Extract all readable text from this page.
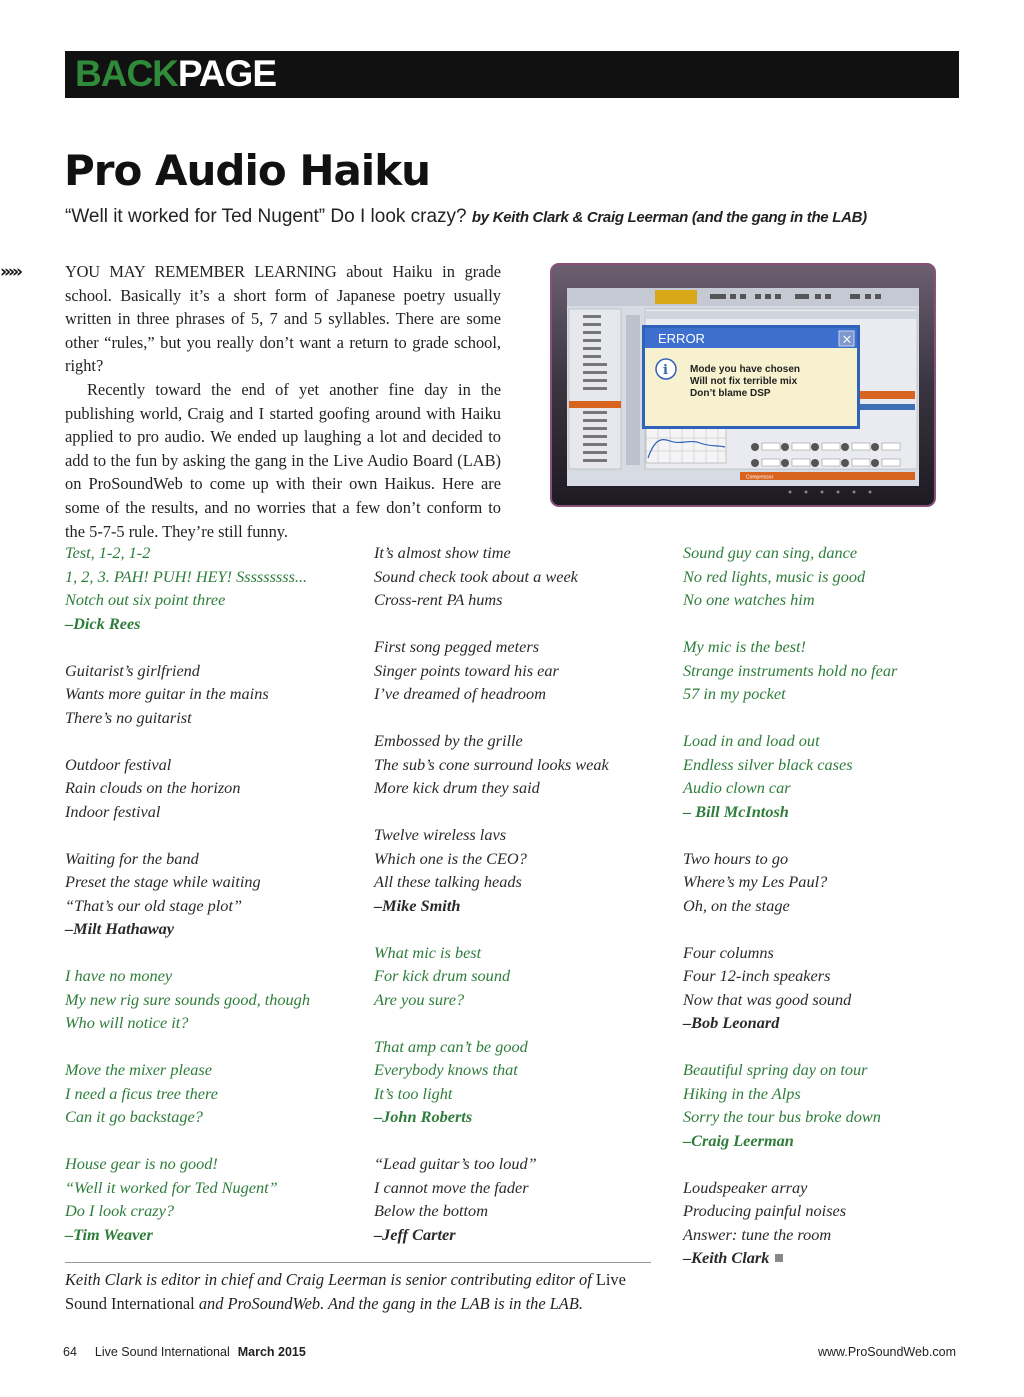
BACKPAGE
Pro Audio Haiku
“Well it worked for Ted Nugent” Do I look crazy? by Keith Clark & Craig Leerman (and the gang in the LAB)
›››››	YOU MAY REMEMBER LEARNING about Haiku in grade school. Basically it’s a short form of Japanese poetry usually written in three phrases of 5, 7 and 5 syllables. There are some other “rules,” but you really don’t want a return to grade school, right?

Recently toward the end of yet another fine day in the publishing world, Craig and I started goofing around with Haiku applied to pro audio. We ended up laughing a lot and decided to add to the fun by asking the gang in the Live Audio Board (LAB) on ProSoundWeb to come up with their own Haikus. Here are some of the results, and no worries that a few don’t conform to the 5-7-5 rule. They’re still funny.

Compressor
ERROR	×
i Mode you have chosen
Will not fix terrible mix
Don’t blame DSP
Test, 1-2, 1-2
1, 2, 3. PAH! PUH! HEY! Sssssssss...
Notch out six point three
–Dick Rees
Guitarist’s girlfriend
Wants more guitar in the mains
There’s no guitarist
Outdoor festival
Rain clouds on the horizon
Indoor festival
Waiting for the band
Preset the stage while waiting
“That’s our old stage plot”
–Milt Hathaway
I have no money
My new rig sure sounds good, though
Who will notice it?
Move the mixer please
I need a ficus tree there
Can it go backstage?
House gear is no good!
“Well it worked for Ted Nugent”
Do I look crazy?
–Tim Weaver
It’s almost show time
Sound check took about a week
Cross-rent PA hums
First song pegged meters
Singer points toward his ear
I’ve dreamed of headroom
Embossed by the grille
The sub’s cone surround looks weak
More kick drum they said
Twelve wireless lavs
Which one is the CEO?
All these talking heads
–Mike Smith
What mic is best
For kick drum sound
Are you sure?
That amp can’t be good
Everybody knows that
It’s too light
–John Roberts
“Lead guitar’s too loud”
I cannot move the fader
Below the bottom
–Jeff Carter
Sound guy can sing, dance
No red lights, music is good
No one watches him
My mic is the best!
Strange instruments hold no fear
57 in my pocket
Load in and load out
Endless silver black cases
Audio clown car
– Bill McIntosh
Two hours to go
Where’s my Les Paul?
Oh, on the stage
Four columns
Four 12-inch speakers
Now that was good sound
–Bob Leonard
Beautiful spring day on tour
Hiking in the Alps
Sorry the tour bus broke down
–Craig Leerman
Loudspeaker array
Producing painful noises
Answer: tune the room
–Keith Clark
Keith Clark is editor in chief and Craig Leerman is senior contributing editor of Live Sound International and ProSoundWeb. And the gang in the LAB is in the LAB.
64 Live Sound International March 2015	www.ProSoundWeb.com
